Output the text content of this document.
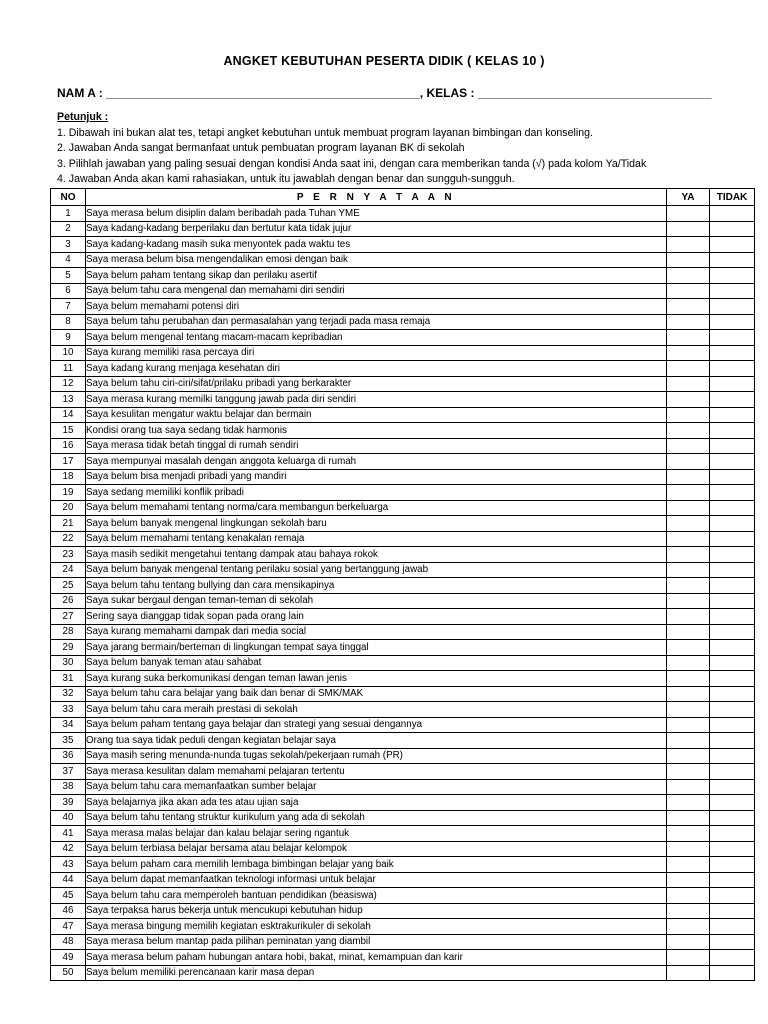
ANGKET KEBUTUHAN PESERTA DIDIK ( KELAS 10 )
NAM A : _______________________________________________, KELAS : ___________________________________
Petunjuk :
1. Dibawah ini bukan alat tes, tetapi angket kebutuhan untuk membuat program layanan bimbingan dan konseling.
2. Jawaban Anda sangat bermanfaat untuk pembuatan program layanan BK di sekolah
3. Pilihlah jawaban yang paling sesuai dengan kondisi Anda saat ini, dengan cara memberikan tanda (√) pada kolom Ya/Tidak
4. Jawaban Anda akan kami rahasiakan, untuk itu jawablah dengan benar dan sungguh-sungguh.
NO	P E R N Y A T A A N	YA	TIDAK
1	Saya merasa belum disiplin dalam beribadah pada Tuhan YME		
2	Saya kadang-kadang berperilaku dan bertutur kata tidak jujur		
3	Saya kadang-kadang masih suka menyontek pada waktu tes		
4	Saya merasa belum bisa mengendalikan emosi dengan baik		
5	Saya belum paham tentang sikap dan perilaku asertif		
6	Saya belum tahu cara mengenal dan memahami diri sendiri		
7	Saya belum memahami potensi diri		
8	Saya belum tahu perubahan dan permasalahan yang terjadi pada masa remaja		
9	Saya belum mengenal tentang macam-macam kepribadian		
10	Saya kurang memiliki rasa percaya diri		
11	Saya kadang kurang menjaga kesehatan diri		
12	Saya belum tahu ciri-ciri/sifat/prilaku pribadi yang berkarakter		
13	Saya merasa kurang memilki tanggung jawab pada diri sendiri		
14	Saya kesulitan mengatur waktu belajar dan bermain		
15	Kondisi orang tua saya sedang tidak harmonis		
16	Saya merasa tidak betah tinggal di rumah sendiri		
17	Saya mempunyai masalah dengan anggota keluarga di rumah		
18	Saya belum bisa menjadi pribadi yang mandiri		
19	Saya sedang memiliki konflik pribadi		
20	Saya belum memahami tentang norma/cara membangun berkeluarga		
21	Saya belum banyak mengenal lingkungan sekolah baru		
22	Saya belum memahami tentang kenakalan remaja		
23	Saya masih sedikit mengetahui tentang dampak atau bahaya rokok		
24	Saya belum banyak mengenal tentang perilaku sosial yang bertanggung jawab		
25	Saya belum tahu tentang bullying dan cara mensikapinya		
26	Saya sukar bergaul dengan teman-teman di sekolah		
27	Sering saya dianggap tidak sopan pada orang lain		
28	Saya kurang memahami dampak dari media social		
29	Saya jarang bermain/berteman di lingkungan tempat saya tinggal		
30	Saya belum banyak teman atau sahabat		
31	Saya kurang suka berkomunikasi dengan teman lawan jenis		
32	Saya belum tahu cara belajar yang baik dan benar di SMK/MAK		
33	Saya belum tahu cara meraih prestasi di sekolah		
34	Saya belum paham tentang gaya belajar dan strategi yang sesuai dengannya		
35	Orang tua saya tidak peduli dengan kegiatan belajar saya		
36	Saya masih sering menunda-nunda tugas sekolah/pekerjaan rumah (PR)		
37	Saya merasa kesulitan dalam memahami pelajaran tertentu		
38	Saya belum tahu cara memanfaatkan sumber belajar		
39	Saya belajarnya jika akan ada tes atau ujian saja		
40	Saya belum tahu tentang struktur kurikulum yang ada di sekolah		
41	Saya merasa malas belajar dan kalau belajar sering ngantuk		
42	Saya belum terbiasa belajar bersama atau belajar kelompok		
43	Saya belum paham cara memilih lembaga bimbingan belajar yang baik		
44	Saya belum dapat memanfaatkan teknologi informasi untuk belajar		
45	Saya belum tahu cara memperoleh bantuan pendidikan (beasiswa)		
46	Saya terpaksa harus bekerja untuk mencukupi kebutuhan hidup		
47	Saya merasa bingung memilih kegiatan esktrakurikuler di sekolah		
48	Saya merasa belum mantap pada pilihan peminatan yang diambil		
49	Saya merasa belum paham hubungan antara hobi, bakat, minat, kemampuan dan karir		
50	Saya belum memiliki perencanaan karir masa depan		
